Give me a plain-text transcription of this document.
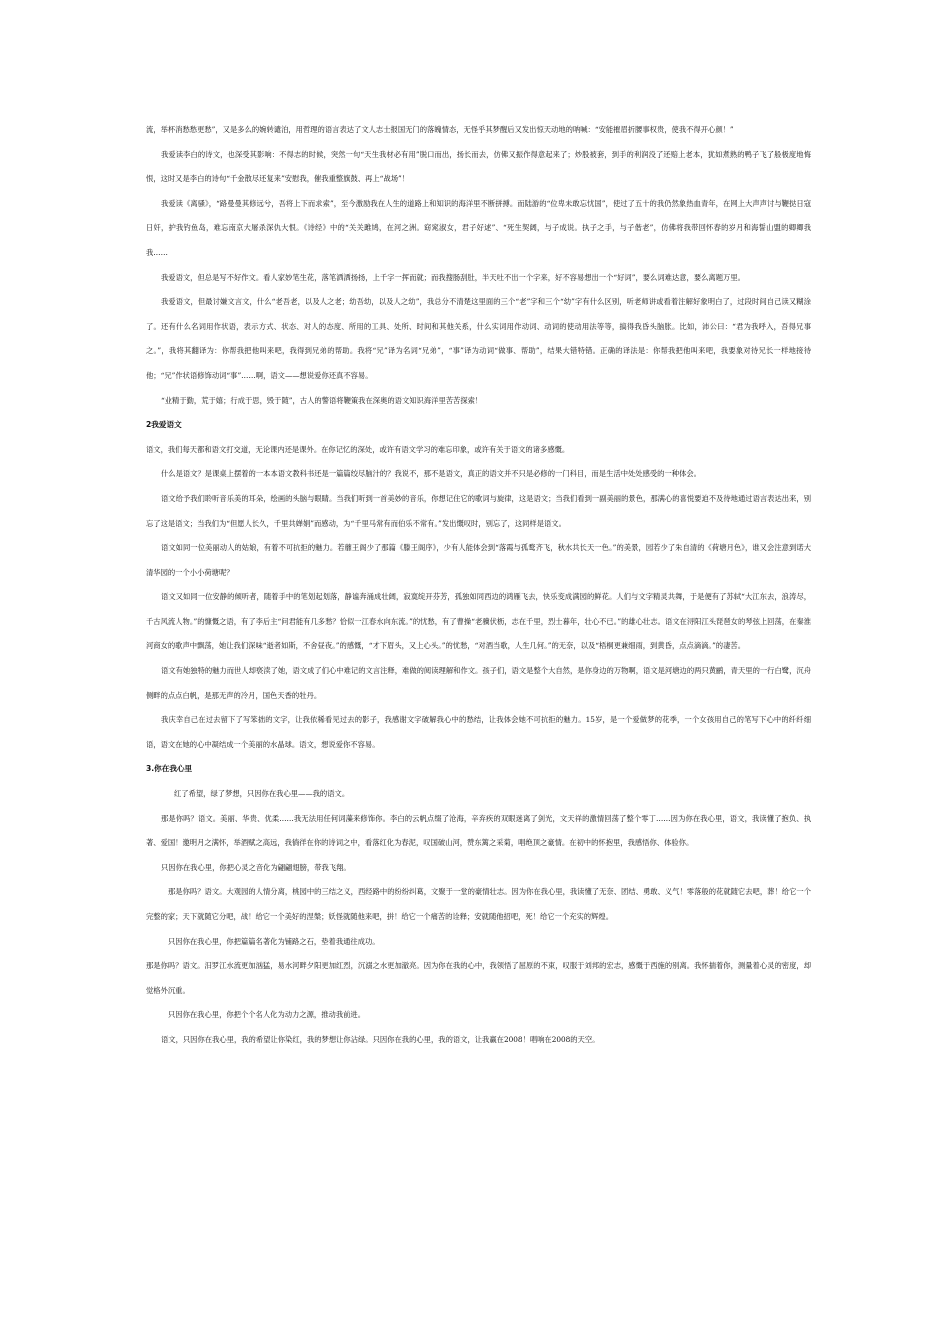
流，举杯消愁愁更愁”，又是多么的婉转谴泊，用哲理的语言表达了文人志士报国无门的落魄情态，无怪乎其梦醒后又发出惊天动地的呐喊：“安能摧眉折腰事权贵，使我不得开心颜！”

我爱读李白的诗文，也深受其影响：不得志的时候，突然一句“天生我材必有用”脱口而出，扬长而去，仿佛又振作得意起来了；炒股被套，到手的利润没了还赔上老本，犹如煮熟的鸭子飞了般极度地悔恨，这时又是李白的诗句“千金散尽还复来”安慰我，催我重整旗鼓、再上“战场”！

我爱读《离骚》，“路曼曼其修远兮，吾将上下而求索”，至今激励我在人生的道路上和知识的海洋里不断拼搏。而陆游的“位卑未敢忘忧国”，使过了五十的我仍然象热血青年，在网上大声声讨与鞭挞日寇日奸，护我钓鱼岛，难忘南京大屠杀深仇大恨。《诗经》中的“关关雎鸠，在河之洲。窈窕淑女，君子好逑”、“死生契阔，与子成说。执子之手，与子偕老”，仿佛将我带回怀春的岁月和海誓山盟的卿卿我我……

我爱语文，但总是写不好作文。看人家妙笔生花，落笔洒洒扬扬，上千字一挥而就；而我搜肠刮肚，半天吐不出一个字来，好不容易想出一个“好词”，要么词难达意，要么离题万里。

我爱语文，但最讨嫌文言文，什么“老吾老，以及人之老；幼吾幼，以及人之幼”，我总分不清楚这里面的三个“老”字和三个“幼”字有什么区别，听老师讲或看着注解好象明白了，过段时间自己读又糊涂了。还有什么名词用作状语，表示方式、状态、对人的态度、所用的工具、处所、时间和其他关系，什么实词用作动词、动词的使动用法等等，搞得我昏头脑胀。比如，沛公曰：“君为我呼入，吾得兄事之。”，我将其翻译为：你帮我把他叫来吧，我得到兄弟的帮助。我将“兄”译为名词“兄弟”，“事”译为动词“做事、帮助”，结果大错特错。正确的译法是：你帮我把他叫来吧，我要象对待兄长一样地接待他；“兄”作状语修饰动词“事”……啊，语文——想说爱你还真不容易。

“业精于勤，荒于嬉；行成于思，毁于随”，古人的警语将鞭策我在深奥的语文知识海洋里苦苦探索！

2我爱语文

语文，我们每天都和语文打交道，无论课内还是课外。在你记忆的深处，或许有语文学习的难忘印象，或许有关于语文的诸多感慨。

什么是语文？是课桌上摆着的一本本语文教科书还是一篇篇绞尽脑汁的？我说不，那不是语文，真正的语文并不只是必修的一门科目，而是生活中处处感受的一种体会。

语文给予我们聆听音乐美的耳朵，绘画的头脑与眼睛。当我们听到一首美妙的音乐，你想记住它的歌词与旋律，这是语文；当我们看到一副美丽的景色，那满心的喜悦要迫不及待地通过语言表达出来，别忘了这是语文；当我们为“但愿人长久，千里共婵娟”而感动，为“千里马常有而伯乐不常有。”发出慨叹时，别忘了，这同样是语文。

语文如同一位美丽动人的姑娘，有着不可抗拒的魅力。若蘼王阁少了那篇《滕王阁序》，少有人能体会到“落霞与孤鹜齐飞，秋水共长天一色。”的美景，园若少了朱自清的《荷塘月色》，谁又会注意到诺大清华园的一个小小荷塘呢？

语文又如同一位安静的倾听者，随着手中的笔划起划落，静谧奔涌成壮阔，寂寞绽开芬芳，孤独如同西边的鸿雁飞去，快乐变成满园的鲜花。人们与文字精灵共舞，于是便有了苏轼“大江东去，浪涛尽，千古风流人物。”的慷慨之语，有了李后主“问君能有几多愁？恰似一江春水向东流。”的忧愁，有了曹操“老骥伏枥，志在千里，烈士暮年，壮心不已。”的雄心壮志。语文在浔阳江头琵琶女的琴弦上回荡，在秦淮河商女的歌声中飘荡，她让我们深味“逝者如斯，不舍昼夜。”的感慨，“才下眉头，又上心头。”的忧愁，“对酒当歌，人生几何。”的无奈，以及“梧桐更兼细雨，到黄昏，点点滴滴。”的凄苦。

语文有她独特的魅力而世人却亵渎了她，语文成了们心中难记的文言注释，难做的阅读理解和作文。孩子们，语文是整个大自然，是你身边的万物啊，语文是河塘边的两只黄鹂，青天里的一行白鹭，沉舟侧畔的点点白帆，是那无声的冷月，国色天香的牡丹。

我庆幸自己在过去留下了写笨拙的文字，让我依稀看见过去的影子，我感谢文字破解我心中的愁结，让我体会她不可抗拒的魅力。15岁，是一个爱做梦的花季，一个女孩用自己的笔写下心中的纤纤细语，语文在她的心中凝结成一个美丽的水晶球。语文，想说爱你不容易。

3.你在我心里

红了希望，绿了梦想，只因你在我心里——我的语文。

那是你吗？语文。美丽、华贵、优柔……我无法用任何词藻来修饰你。李白的云帆点缀了沧海，辛弃疾的双眼迷离了剑光，文天祥的激情回荡了整个零丁……因为你在我心里，语文，我读懂了抱负、执著、爱国！邀明月之满怀，举酒赋之高远，我徜徉在你的诗词之中，看落红化为春泥，叹国破山河，赞东篱之采菊，唱绝顶之豪情。在初中的怀抱里，我感悟你、体验你。

只因你在我心里，你把心灵之音化为翩翩翅膀，带我飞翔。

那是你吗？语文。大观园的人情分离，桃园中的三结之义，西经路中的纷纷纠葛，文聚于一堂的豪情壮志。因为你在我心里，我读懂了无奈、团结、勇敢、义气！零落般的花就随它去吧，葬！给它一个完整的家；天下就随它分吧，战！给它一个美好的涅槃；妖怪就随他来吧，拼！给它一个痛苦的诠释；安就随他招吧，死！给它一个充实的辉煌。

只因你在我心里，你把篇篇名著化为铺路之石，垫着我通往成功。

那是你吗？语文。汨罗江水流更加汹猛，易水河畔夕阳更加红烈，沉溺之水更加澈亮。因为你在我的心中，我领悟了屈原的不束，叹服于刘邦的宏志，感慨于西施的别离。我怀揣着你，测量着心灵的密度，却觉格外沉重。

只因你在我心里，你把个个名人化为动力之源，推动我前进。

语文，只因你在我心里，我的希望让你染红，我的梦想让你沾绿。只因你在我的心里，我的语文，让我赢在2008！唱响在2008的天空。
